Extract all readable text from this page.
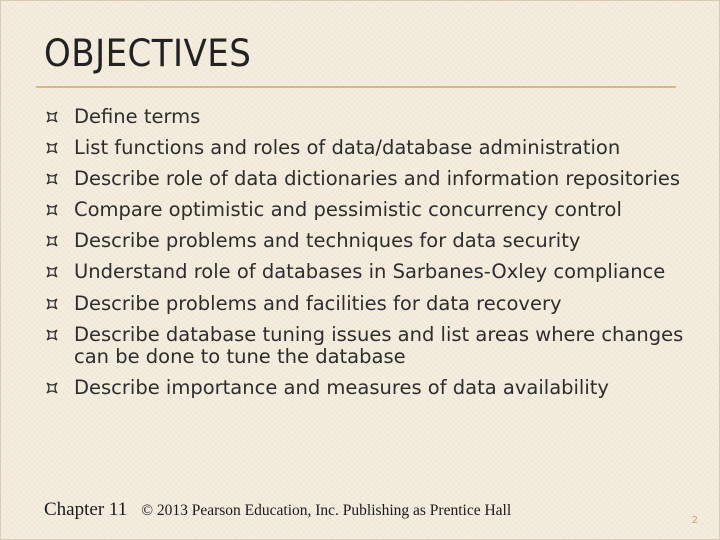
OBJECTIVES
Define terms
List functions and roles of data/database administration
Describe role of data dictionaries and information repositories
Compare optimistic and pessimistic concurrency control
Describe problems and techniques for data security
Understand role of databases in Sarbanes-Oxley compliance
Describe problems and facilities for data recovery
Describe database tuning issues and list areas where changes can be done to tune the database
Describe importance and measures of data availability
Chapter 11 © 2013 Pearson Education, Inc. Publishing as Prentice Hall
2
